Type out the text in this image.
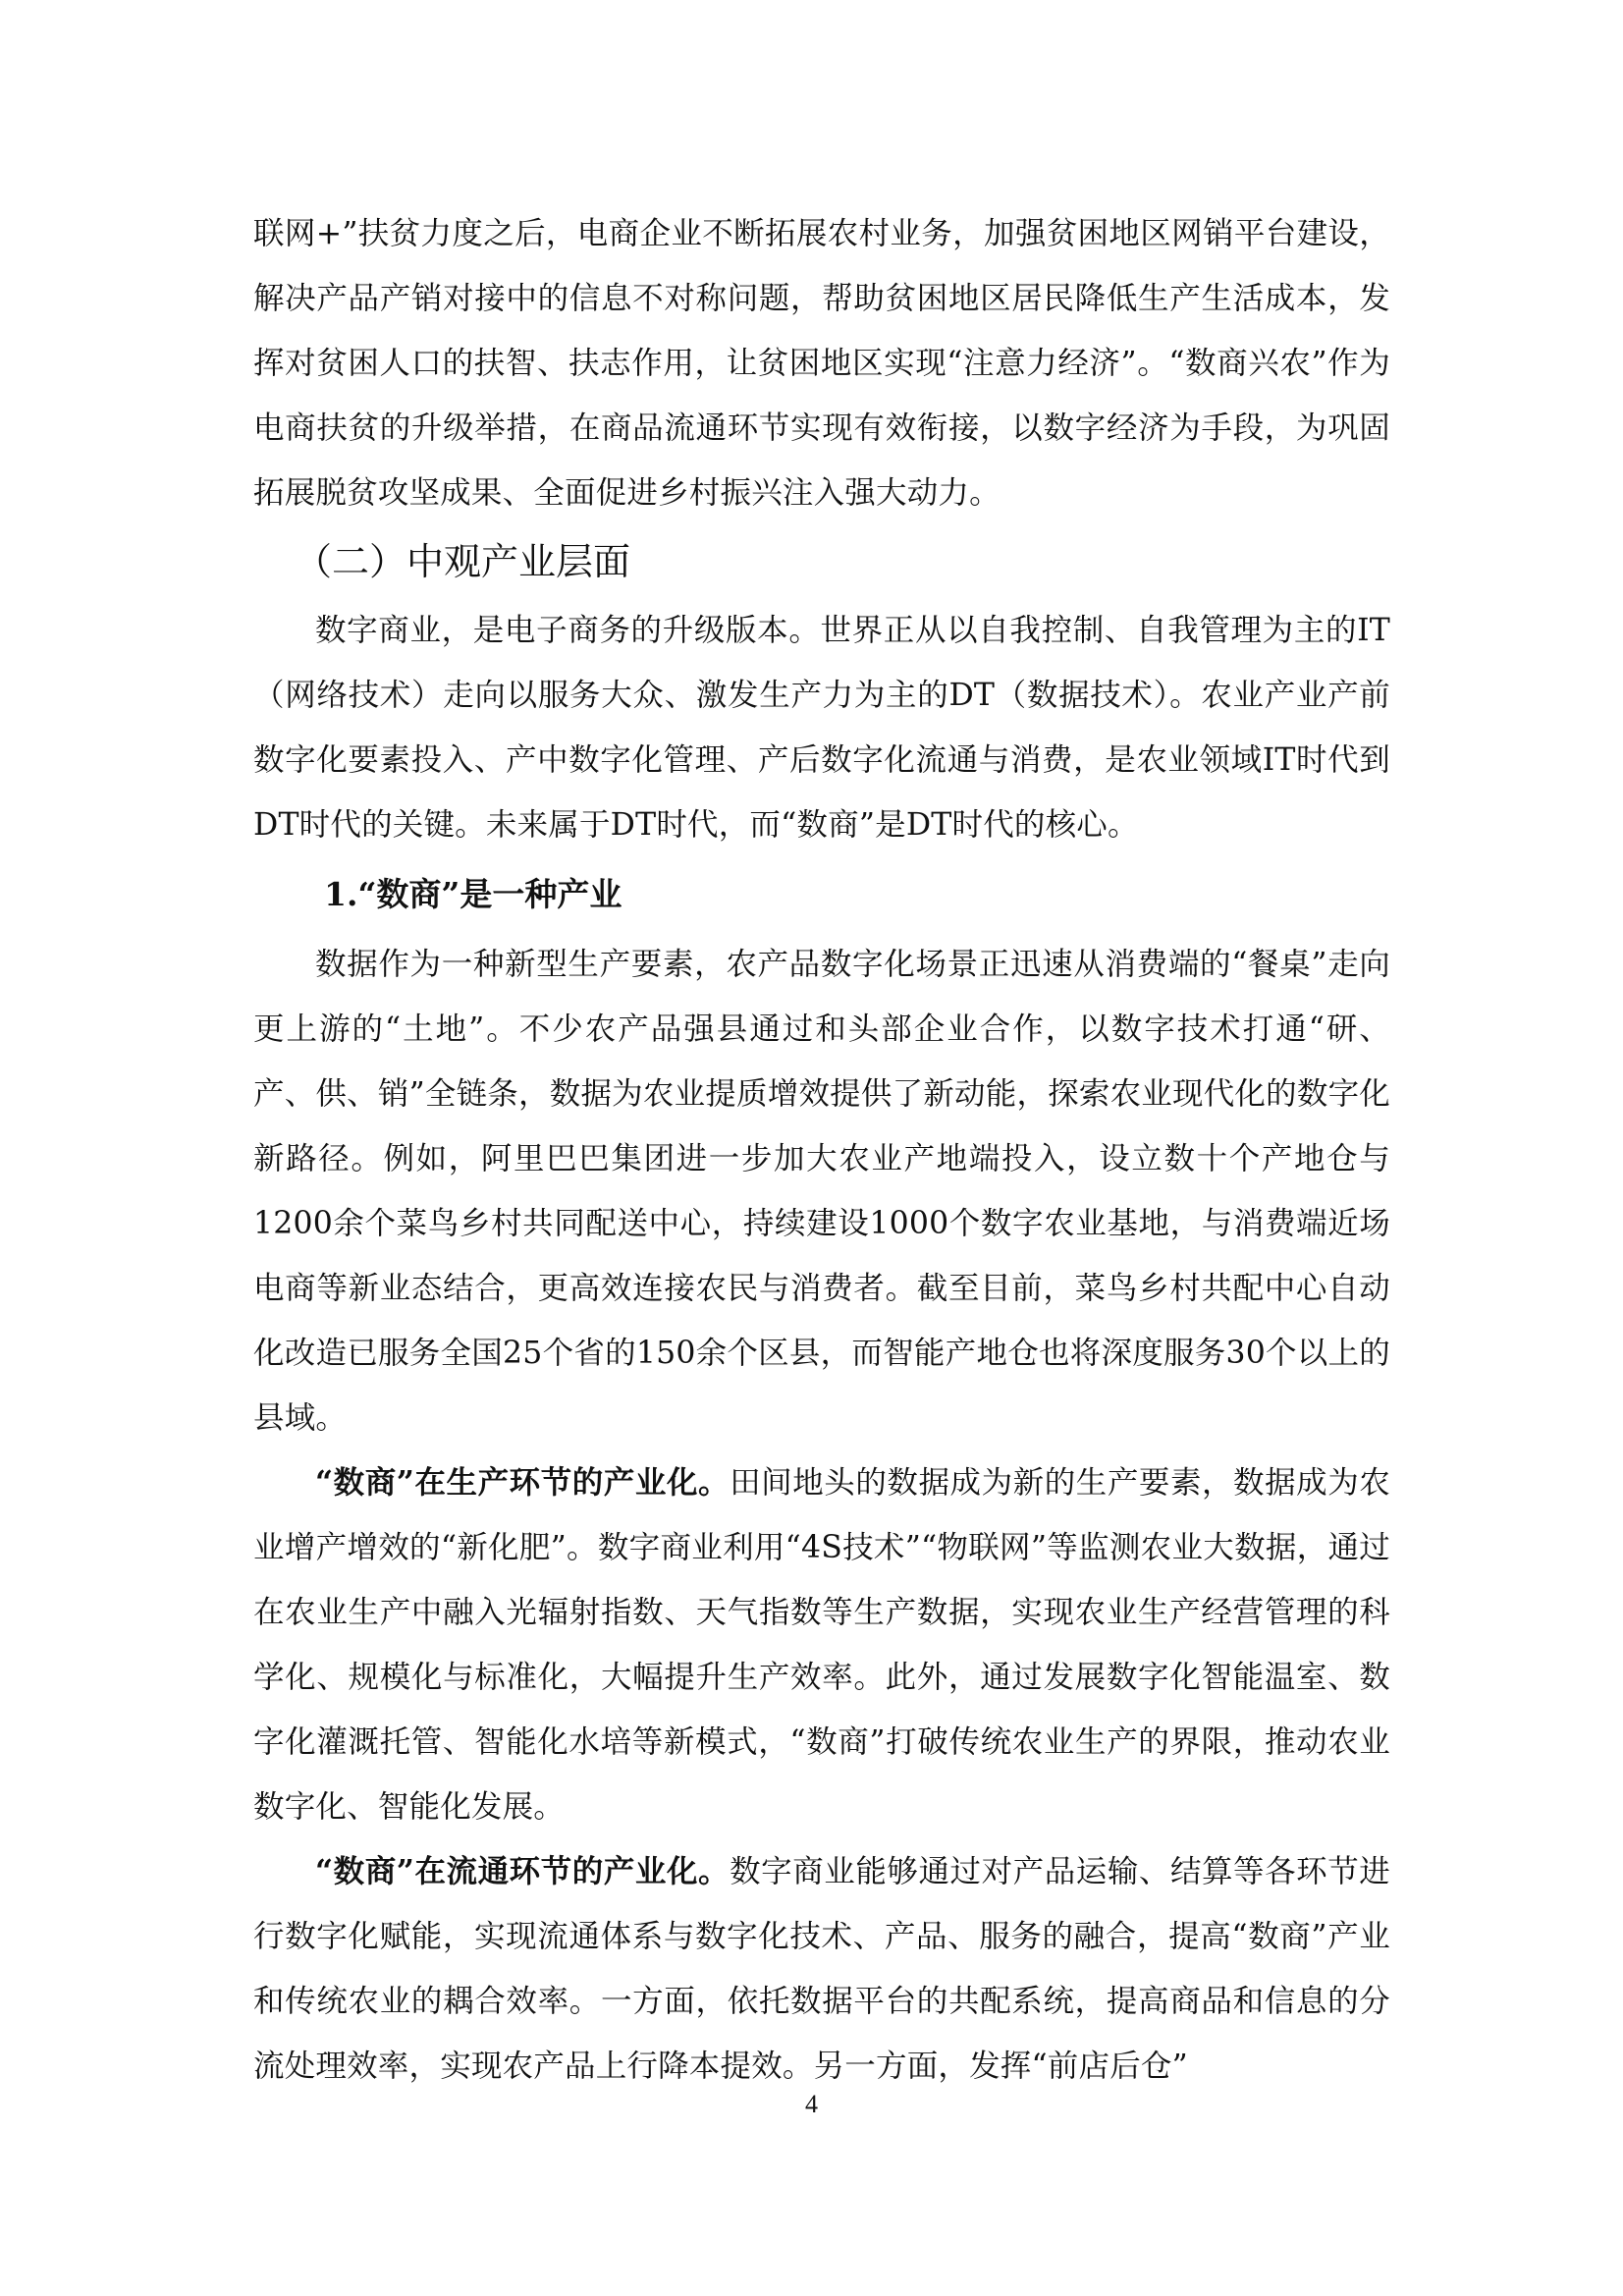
联网+”扶贫力度之后，电商企业不断拓展农村业务，加强贫困地区网销平台建设，解决产品产销对接中的信息不对称问题，帮助贫困地区居民降低生产生活成本，发挥对贫困人口的扶智、扶志作用，让贫困地区实现“注意力经济”。“数商兴农”作为电商扶贫的升级举措，在商品流通环节实现有效衔接，以数字经济为手段，为巩固拓展脱贫攻坚成果、全面促进乡村振兴注入强大动力。

（二）中观产业层面

数字商业，是电子商务的升级版本。世界正从以自我控制、自我管理为主的IT（网络技术）走向以服务大众、激发生产力为主的DT（数据技术）。农业产业产前数字化要素投入、产中数字化管理、产后数字化流通与消费，是农业领域IT时代到DT时代的关键。未来属于DT时代，而“数商”是DT时代的核心。

1.“数商”是一种产业

数据作为一种新型生产要素，农产品数字化场景正迅速从消费端的“餐桌”走向更上游的“土地”。不少农产品强县通过和头部企业合作，以数字技术打通“研、产、供、销”全链条，数据为农业提质增效提供了新动能，探索农业现代化的数字化新路径。例如，阿里巴巴集团进一步加大农业产地端投入，设立数十个产地仓与1200余个菜鸟乡村共同配送中心，持续建设1000个数字农业基地，与消费端近场电商等新业态结合，更高效连接农民与消费者。截至目前，菜鸟乡村共配中心自动化改造已服务全国25个省的150余个区县，而智能产地仓也将深度服务30个以上的县域。

“数商”在生产环节的产业化。田间地头的数据成为新的生产要素，数据成为农业增产增效的“新化肥”。数字商业利用“4S技术”“物联网”等监测农业大数据，通过在农业生产中融入光辐射指数、天气指数等生产数据，实现农业生产经营管理的科学化、规模化与标准化，大幅提升生产效率。此外，通过发展数字化智能温室、数字化灌溉托管、智能化水培等新模式，“数商”打破传统农业生产的界限，推动农业数字化、智能化发展。

“数商”在流通环节的产业化。数字商业能够通过对产品运输、结算等各环节进行数字化赋能，实现流通体系与数字化技术、产品、服务的融合，提高“数商”产业和传统农业的耦合效率。一方面，依托数据平台的共配系统，提高商品和信息的分流处理效率，实现农产品上行降本提效。另一方面，发挥“前店后仓”

4
